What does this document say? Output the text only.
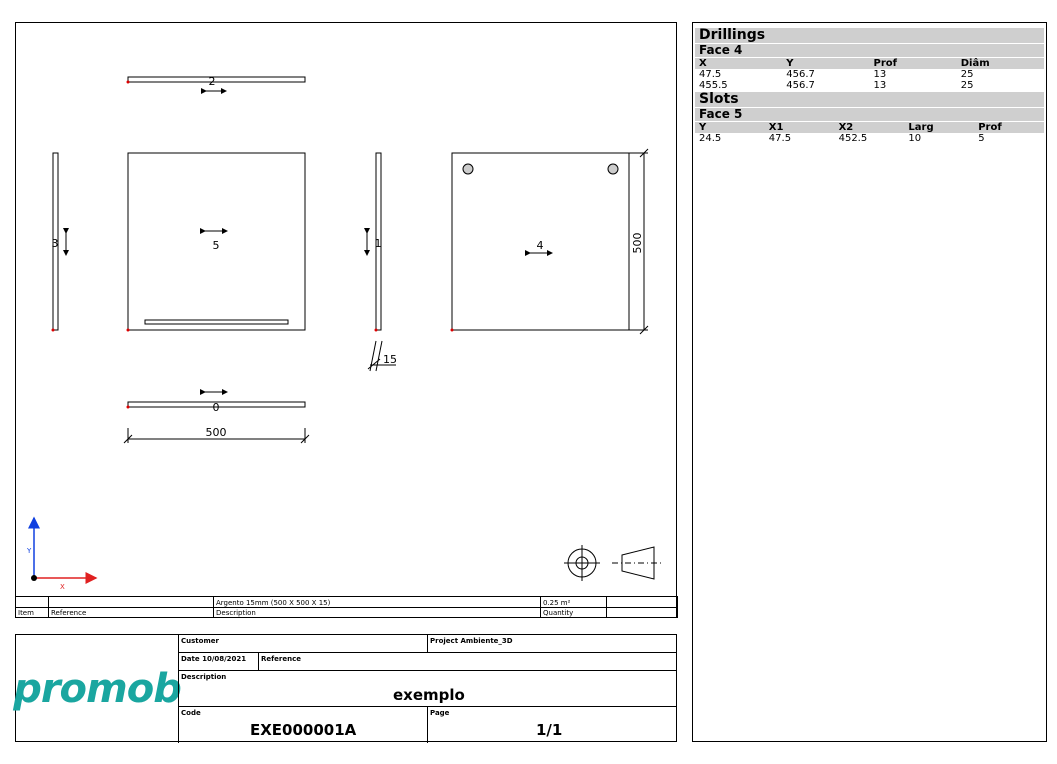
2
3	5	1
15
4	500
0
500
Y
X
		Argento 15mm (500 X 500 X 15)	0.25 m²	
Item	Reference	Description	Quantity	
promob
Customer	Project Ambiente_3D
Date 10/08/2021	Reference
Description
exemplo
Code
EXE000001A
Page
1/1
Drillings
Face 4
X	Y	Prof	Diâm
47.5	456.7	13	25
455.5	456.7	13	25
Slots
Face 5
Y	X1	X2	Larg	Prof
24.5	47.5	452.5	10	5
